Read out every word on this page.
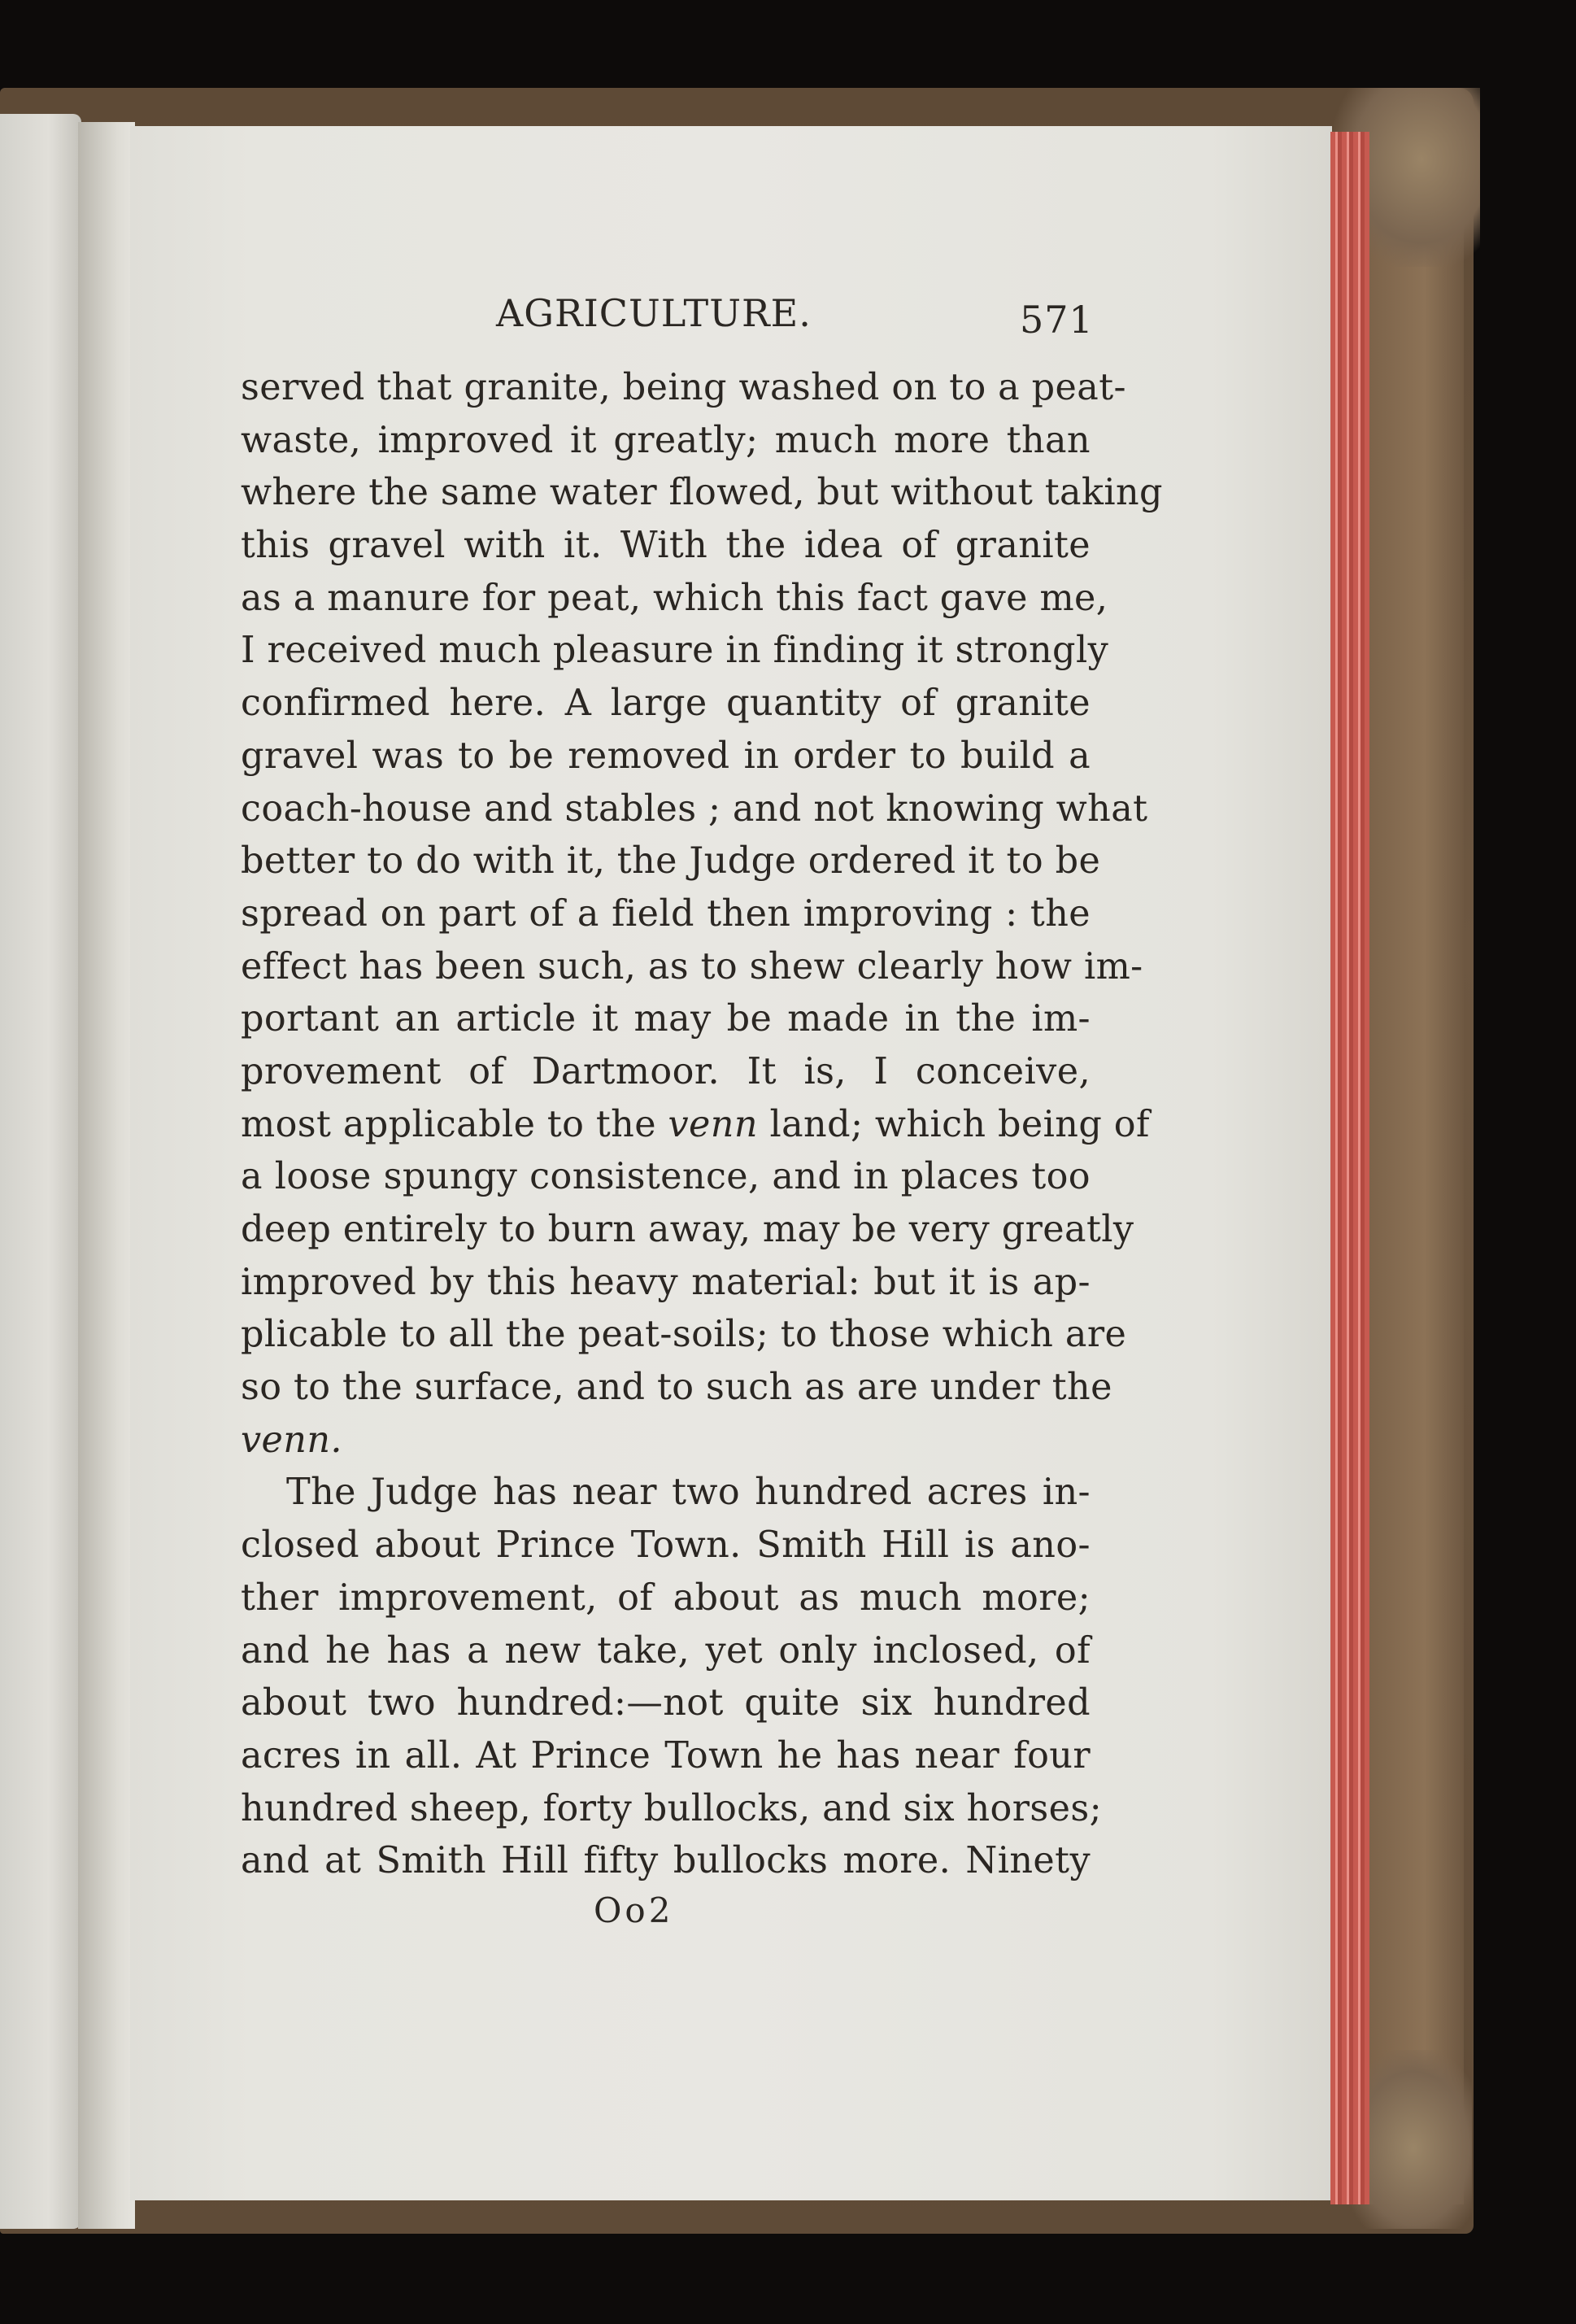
AGRICULTURE.	571
served that granite, being washed on to a peat-
waste, improved it greatly; much more than
where the same water flowed, but without taking
this gravel with it. With the idea of granite
as a manure for peat, which this fact gave me,
I received much pleasure in finding it strongly
confirmed here. A large quantity of granite
gravel was to be removed in order to build a
coach-house and stables ; and not knowing what
better to do with it, the Judge ordered it to be
spread on part of a field then improving : the
effect has been such, as to shew clearly how im-
portant an article it may be made in the im-
provement of Dartmoor. It is, I conceive,
most applicable to the venn land; which being of
a loose spungy consistence, and in places too
deep entirely to burn away, may be very greatly
improved by this heavy material: but it is ap-
plicable to all the peat-soils; to those which are
so to the surface, and to such as are under the
venn.
The Judge has near two hundred acres in-
closed about Prince Town. Smith Hill is ano-
ther improvement, of about as much more;
and he has a new take, yet only inclosed, of
about two hundred:—not quite six hundred
acres in all. At Prince Town he has near four
hundred sheep, forty bullocks, and six horses;
and at Smith Hill fifty bullocks more. Ninety
Oo2
